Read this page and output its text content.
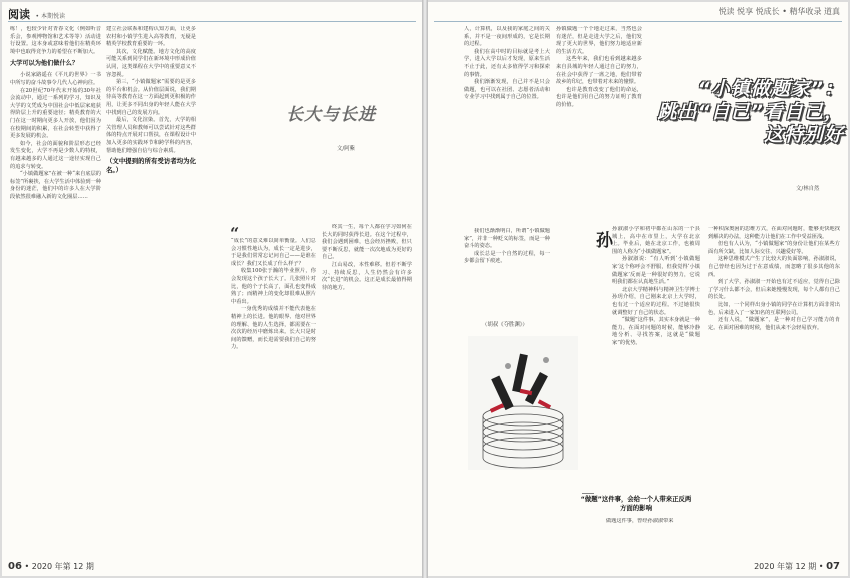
阅读 • 本期悦读

练！，也较少针对青春文化（例如听音乐会，参观博物馆和艺术等等）活动进行设置。这本身或意味着他们在精英环境中也取得竞争力的希望在不断加大。

大学可以为他们做什么？

小说家路遥在《平凡的世界》一书中所写的奋斗故事令几代人心神向往。

在20世纪70年代末开始的30年社会流动中，通过一系列的学习，知识及大学的文凭成为中国社会中低层家庭获得阶层上升的重要途径；精英教育的大门在这一时期向更多人开放，他们因为在校期间的积累，在社会转型中获得了更多发展的机会。

如今，社会的面貌和阶层形态已经发生变化，大学不再是少数人的特权，有越来越多的人通过这一途径实现自己的追求与转变。

“小镇做题家”在被一种“来自底层的标签”所裹挟，在大学生活中体验到一种身份的迷茫，他们中的许多人在大学阶段依然很难融入新的文化圈层……

建立社会联系和建构认知方面，让更多农村和小镇学生进入高等教育，无疑是精英学校教育重要的一环。

其次，文化赋能。地方文化的高度可能关系到同学们在新环境中形成价值认同，这类课程在大学中的重要意义不容忽视。

第三，“小镇做题家”需要的是更多的平台和机会。从价值层面说，我们期待高等教育在这一方面起到更积极的作用，让更多不同出身的年轻人能在大学中找到自己的发展方向。

最后，文化渲染。首先，大学的相关管理人员和教师可以尝试针对这些群体的特点开展对口帮扶，在课程设计中加入更多的实践环节和跨学科的内容，帮助他们增强自信与综合素质。

（文中提到的所有受访者均为化名。）
长大与长进
文/阿紫
“

“成长”的意义难以简单衡量。人们总会习惯性地认为，成长一定是进步，于是我们常常忘记问自己——是谁在成长？我们又长成了什么样子？

收集100张于瀚的毕业照片，你会发现这个孩子长大了。几张照片对比，他的个子长高了，面孔也变得成熟了；而精神上的变化却很难从照片中看出。

一身优秀的成绩并不能代表他在精神上的长进。他的眼界、他对世界的理解、他的人生选择，都需要在一次次的经历中磨炼出来。长大只是时间的馈赠，而长进需要我们自己的努力。

终其一生，每个人都在学习如何在长大的同时获得长进。在这个过程中，我们会遇到困难，也会经历挫败，但只要不断反思，就能一次次地成为更好的自己。

江山易改，本性难移。但若不断学习、持续反思，人生仍然会有许多次“长进”的机会。这正是成长最值得期待的地方。

06 • 2020 年第 12 期
悦读 悦享 悦成长 • 精华收录 道真

人，计算机，以及我的家庭之间的关系，并不是一夜间形成的，它是长期的过程。

我们在高中时的目标就是考上大学，进入大学以后才发现，原来生活不止于此，还有太多值得学习和探索的事情。

我们渐渐发现，自己并不是只会做题，也可以在社团、志愿者活动和专业学习中找到属于自己的位置。

我们也渐渐明白，所谓“小镇做题家”，并非一种贬义的标签，而是一种奋斗的姿态。

成长总是一个自然的过程，每一步都会留下痕迹。

孙镇做题一个个地走过来，当然也会有迷茫，但是走进大学之后，他们发现了更大的世界，他们努力地适应新的生活方式。

这些年来，我们也看到越来越多来自县城的年轻人通过自己的努力，在社会中获得了一席之地，他们带着故乡的印记，也带着对未来的憧憬。

也许是教育改变了他们的命运，也许是他们用自己的努力证明了教育的价值。

“小镇做题家”：
跳出“自己”看自己，
这特别好
文/林自然
（胡叔《夺胜渊》）
孙

孙淑淑小学和初中都在山东的一个县城上，高中在市里上，大学在北京上。毕业后，她在北京工作，也被周围的人称为“小镇做题家”。

孙淑淑说：“有人听到‘小镇做题家’这个称呼会不舒服，但我觉得‘小镇做题家’反而是一种很好的努力，它说明我们都在认真地生活。”

北京大学精神科与精神卫生学博士孙玥介绍，自己刚来北京上大学时，也有过一个适应的过程。不过她很快就调整好了自己的状态。

“做题”这件事，其实本身就是一种能力，在面对问题的时候，能够冷静地分析、寻找答案，这就是“做题家”的优势。

“做题”这件事，会给一个人带来正反两方面的影响

做题这件事，曾经孙淑淑带来

一种积深奥困的思维方式，在面对问题时，能够更快地找到解决的办法，这种能力让他们在工作中受益匪浅。

但也有人认为，“小镇做题家”的身份让他们在某些方面有所欠缺，比如人际交往、兴趣爱好等。

这种思维模式产生了比较大的负面影响，孙淑淑说，自己曾经也因为过于在意成绩，而忽略了很多其他的东西。

到了大学，孙淑淑一开始也有过不适应，觉得自己除了学习什么都不会，但后来她慢慢发现，每个人都有自己的长处。

比如，一个同样出身小镇的同学在计算机方面非常出色，后来进入了一家知名的互联网公司。

还有人说，“做题家”，是一种对自己学习能力的肯定。在面对困难的时候，他们从来不会轻易放弃。

2020 年第 12 期 • 07
